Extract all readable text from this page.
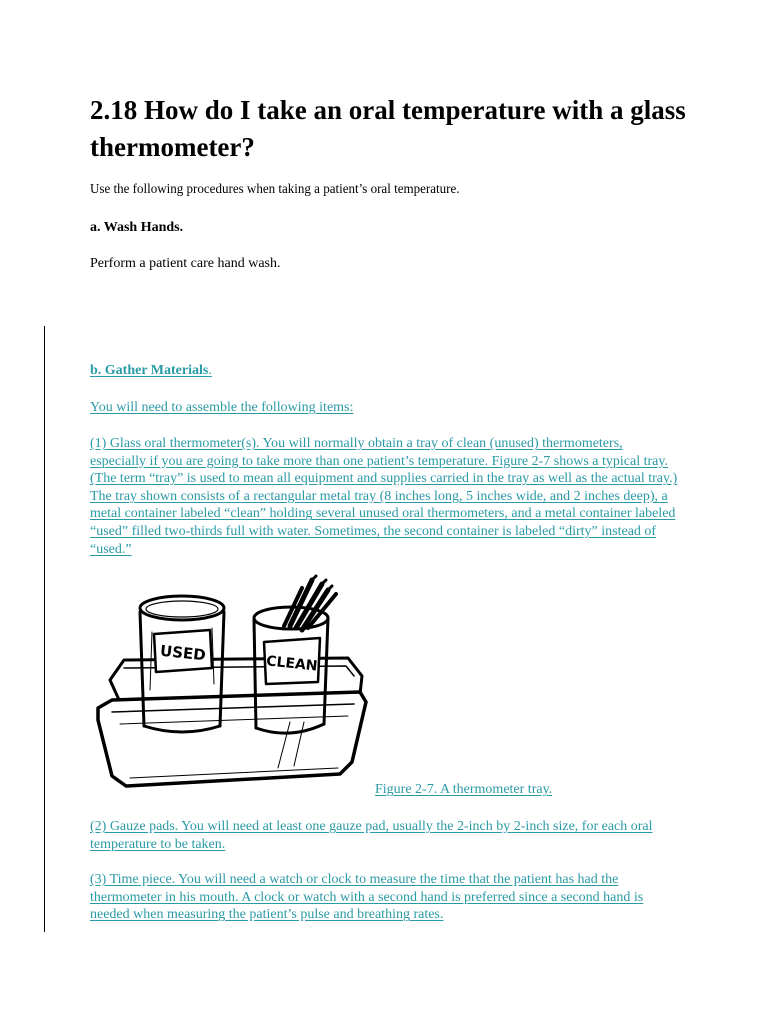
2.18 How do I take an oral temperature with a glass thermometer?

Use the following procedures when taking a patient’s oral temperature.

a. Wash Hands.

Perform a patient care hand wash.

b. Gather Materials.

You will need to assemble the following items:

(1) Glass oral thermometer(s). You will normally obtain a tray of clean (unused) thermometers, especially if you are going to take more than one patient’s temperature. Figure 2-7 shows a typical tray. (The term “tray” is used to mean all equipment and supplies carried in the tray as well as the actual tray.) The tray shown consists of a rectangular metal tray (8 inches long, 5 inches wide, and 2 inches deep), a metal container labeled “clean” holding several unused oral thermometers, and a metal container labeled “used” filled two-thirds full with water. Sometimes, the second container is labeled “dirty” instead of “used.”

USED	CLEAN

Figure 2-7. A thermometer tray.

(2) Gauze pads. You will need at least one gauze pad, usually the 2-inch by 2-inch size, for each oral temperature to be taken.

(3) Time piece. You will need a watch or clock to measure the time that the patient has had the thermometer in his mouth. A clock or watch with a second hand is preferred since a second hand is needed when measuring the patient’s pulse and breathing rates.
